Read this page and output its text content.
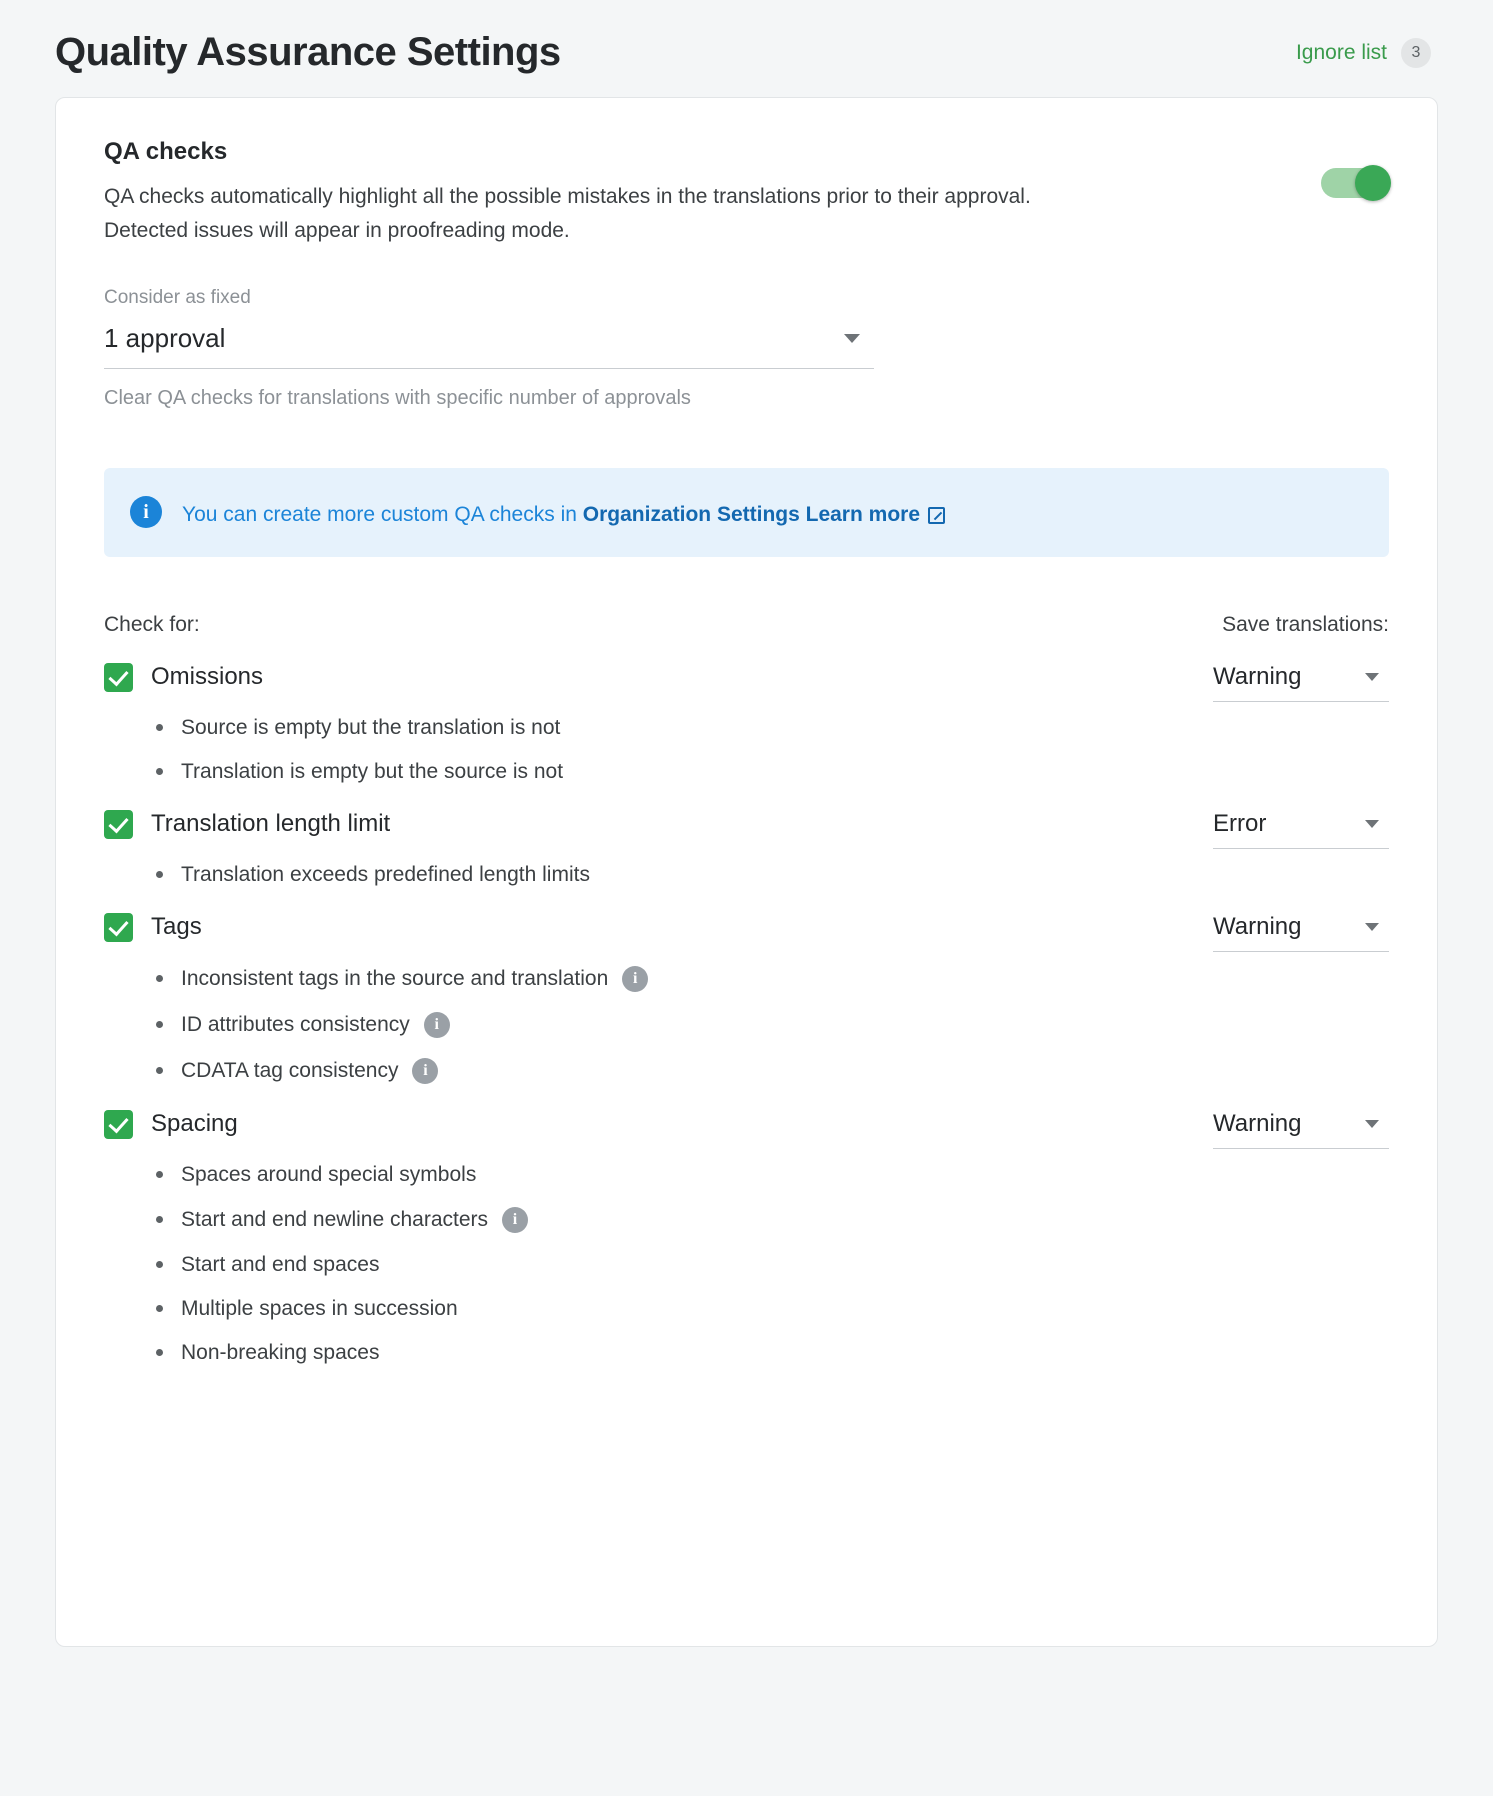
Quality Assurance Settings	Ignore list	3
QA checks
QA checks automatically highlight all the possible mistakes in the translations prior to their approval. Detected issues will appear in proofreading mode.
Consider as fixed
1 approval
Clear QA checks for translations with specific number of approvals
i	You can create more custom QA checks in Organization Settings Learn more
Check for:	Save translations:
Omissions	Warning
Source is empty but the translation is not
Translation is empty but the source is not
Translation length limit	Error
Translation exceeds predefined length limits
Tags	Warning
Inconsistent tags in the source and translation	i
ID attributes consistency	i
CDATA tag consistency	i
Spacing	Warning
Spaces around special symbols
Start and end newline characters	i
Start and end spaces
Multiple spaces in succession
Non-breaking spaces
